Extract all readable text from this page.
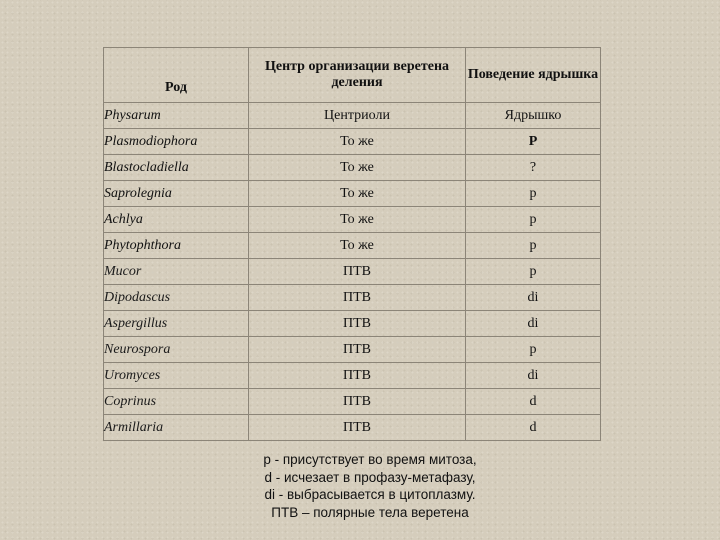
Род	Центр организации веретена деления	Поведение ядрышка
Physarum	Центриоли	Ядрышко
Plasmodiophora	То же	Р
Blastocladiella	То же	?
Saprolegnia	То же	р
Achlya	То же	р
Phytophthora	То же	р
Mucor	ПТВ	р
Dipodascus	ПТВ	di
Aspergillus	ПТВ	di
Neurospora	ПТВ	р
Uromyces	ПТВ	di
Coprinus	ПТВ	d
Armillaria	ПТВ	d
р - присутствует во время митоза,
d - исчезает в профазу-метафазу,
di - выбрасывается в цитоплазму.
ПТВ – полярные тела веретена
